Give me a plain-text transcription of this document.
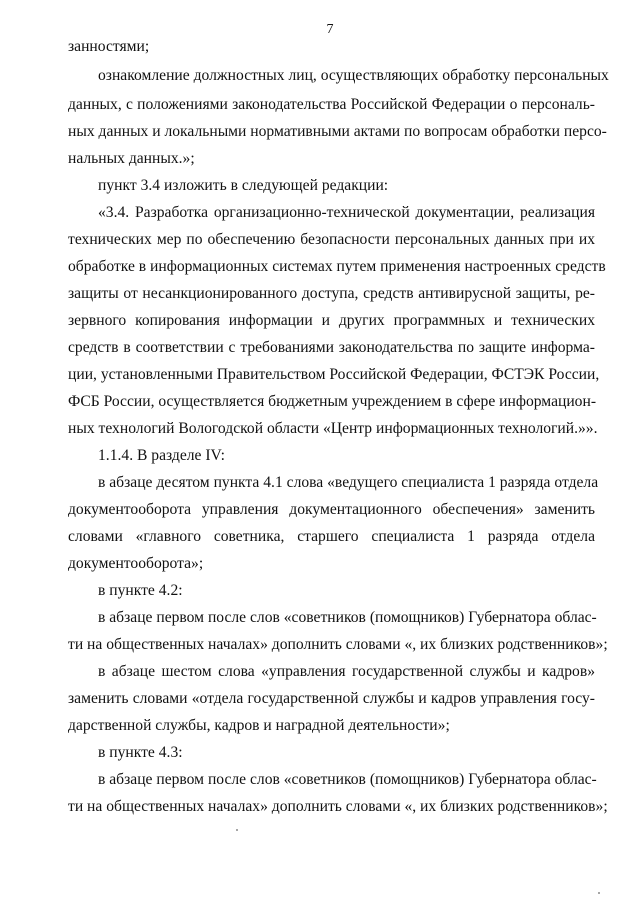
7
занностями;
ознакомление должностных лиц, осуществляющих обработку персональных
данных, с положениями законодательства Российской Федерации о персональ-
ных данных и локальными нормативными актами по вопросам обработки персо-
нальных данных.»;
пункт 3.4 изложить в следующей редакции:
«3.4. Разработка организационно-технической документации, реализация
технических мер по обеспечению безопасности персональных данных при их
обработке в информационных системах путем применения настроенных средств
защиты от несанкционированного доступа, средств антивирусной защиты, ре-
зервного копирования информации и других программных и технических
средств в соответствии с требованиями законодательства по защите информа-
ции, установленными Правительством Российской Федерации, ФСТЭК России,
ФСБ России, осуществляется бюджетным учреждением в сфере информацион-
ных технологий Вологодской области «Центр информационных технологий.»».
1.1.4. В разделе IV:
в абзаце десятом пункта 4.1 слова «ведущего специалиста 1 разряда отдела
документооборота управления документационного обеспечения» заменить
словами «главного советника, старшего специалиста 1 разряда отдела
документооборота»;
в пункте 4.2:
в абзаце первом после слов «советников (помощников) Губернатора облас-
ти на общественных началах» дополнить словами «, их близких родственников»;
в абзаце шестом слова «управления государственной службы и кадров»
заменить словами «отдела государственной службы и кадров управления госу-
дарственной службы, кадров и наградной деятельности»;
в пункте 4.3:
в абзаце первом после слов «советников (помощников) Губернатора облас-
ти на общественных началах» дополнить словами «, их близких родственников»;
